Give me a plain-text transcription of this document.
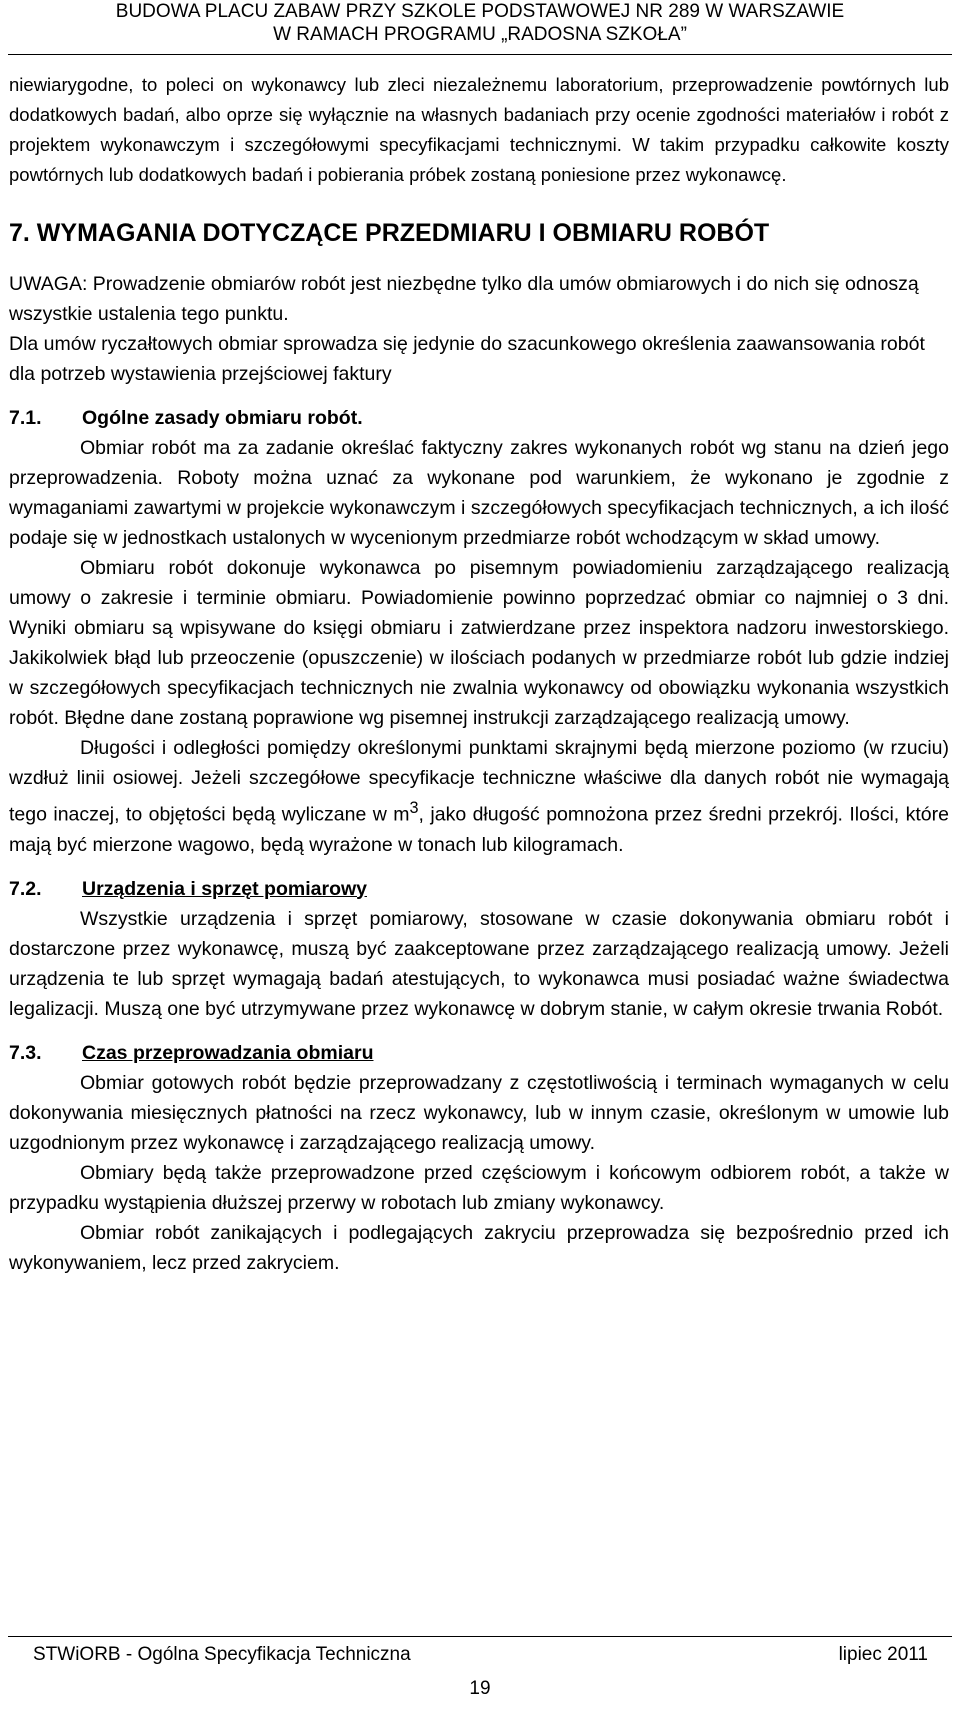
BUDOWA PLACU ZABAW PRZY SZKOLE PODSTAWOWEJ NR 289 W WARSZAWIE
W RAMACH PROGRAMU „RADOSNA SZKOŁA”

niewiarygodne, to poleci on wykonawcy lub zleci niezależnemu laboratorium, przeprowadzenie powtórnych lub dodatkowych badań, albo oprze się wyłącznie na własnych badaniach przy ocenie zgodności materiałów i robót z projektem wykonawczym i szczegółowymi specyfikacjami technicznymi. W takim przypadku całkowite koszty powtórnych lub dodatkowych badań i pobierania próbek zostaną poniesione przez wykonawcę.

7. WYMAGANIA DOTYCZĄCE PRZEDMIARU I OBMIARU ROBÓT

UWAGA: Prowadzenie obmiarów robót jest niezbędne tylko dla umów obmiarowych i do nich się odnoszą wszystkie ustalenia tego punktu.

Dla umów ryczałtowych obmiar sprowadza się jedynie do szacunkowego określenia zaawansowania robót dla potrzeb wystawienia przejściowej faktury

7.1.	Ogólne zasady obmiaru robót.

Obmiar robót ma za zadanie określać faktyczny zakres wykonanych robót wg stanu na dzień jego przeprowadzenia. Roboty można uznać za wykonane pod warunkiem, że wykonano je zgodnie z wymaganiami zawartymi w projekcie wykonawczym i szczegółowych specyfikacjach technicznych, a ich ilość podaje się w jednostkach ustalonych w wycenionym przedmiarze robót wchodzącym w skład umowy.

Obmiaru robót dokonuje wykonawca po pisemnym powiadomieniu zarządzającego realizacją umowy o zakresie i terminie obmiaru. Powiadomienie powinno poprzedzać obmiar co najmniej o 3 dni. Wyniki obmiaru są wpisywane do księgi obmiaru i zatwierdzane przez inspektora nadzoru inwestorskiego. Jakikolwiek błąd lub przeoczenie (opuszczenie) w ilościach podanych w przedmiarze robót lub gdzie indziej w szczegółowych specyfikacjach technicznych nie zwalnia wykonawcy od obowiązku wykonania wszystkich robót. Błędne dane zostaną poprawione wg pisemnej instrukcji zarządzającego realizacją umowy.

Długości i odległości pomiędzy określonymi punktami skrajnymi będą mierzone poziomo (w rzuciu) wzdłuż linii osiowej. Jeżeli szczegółowe specyfikacje techniczne właściwe dla danych robót nie wymagają tego inaczej, to objętości będą wyliczane w $m^3$, jako długość pomnożona przez średni przekrój. Ilości, które mają być mierzone wagowo, będą wyrażone w tonach lub kilogramach.

7.2.	Urządzenia i sprzęt pomiarowy

Wszystkie urządzenia i sprzęt pomiarowy, stosowane w czasie dokonywania obmiaru robót i dostarczone przez wykonawcę, muszą być zaakceptowane przez zarządzającego realizacją umowy. Jeżeli urządzenia te lub sprzęt wymagają badań atestujących, to wykonawca musi posiadać ważne świadectwa legalizacji. Muszą one być utrzymywane przez wykonawcę w dobrym stanie, w całym okresie trwania Robót.

7.3.	Czas przeprowadzania obmiaru

Obmiar gotowych robót będzie przeprowadzany z częstotliwością i terminach wymaganych w celu dokonywania miesięcznych płatności na rzecz wykonawcy, lub w innym czasie, określonym w umowie lub uzgodnionym przez wykonawcę i zarządzającego realizacją umowy.

Obmiary będą także przeprowadzone przed częściowym i końcowym odbiorem robót, a także w przypadku wystąpienia dłuższej przerwy w robotach lub zmiany wykonawcy.

Obmiar robót zanikających i podlegających zakryciu przeprowadza się bezpośrednio przed ich wykonywaniem, lecz przed zakryciem.

STWiORB - Ogólna Specyfikacja Techniczna	lipiec 2011
19
